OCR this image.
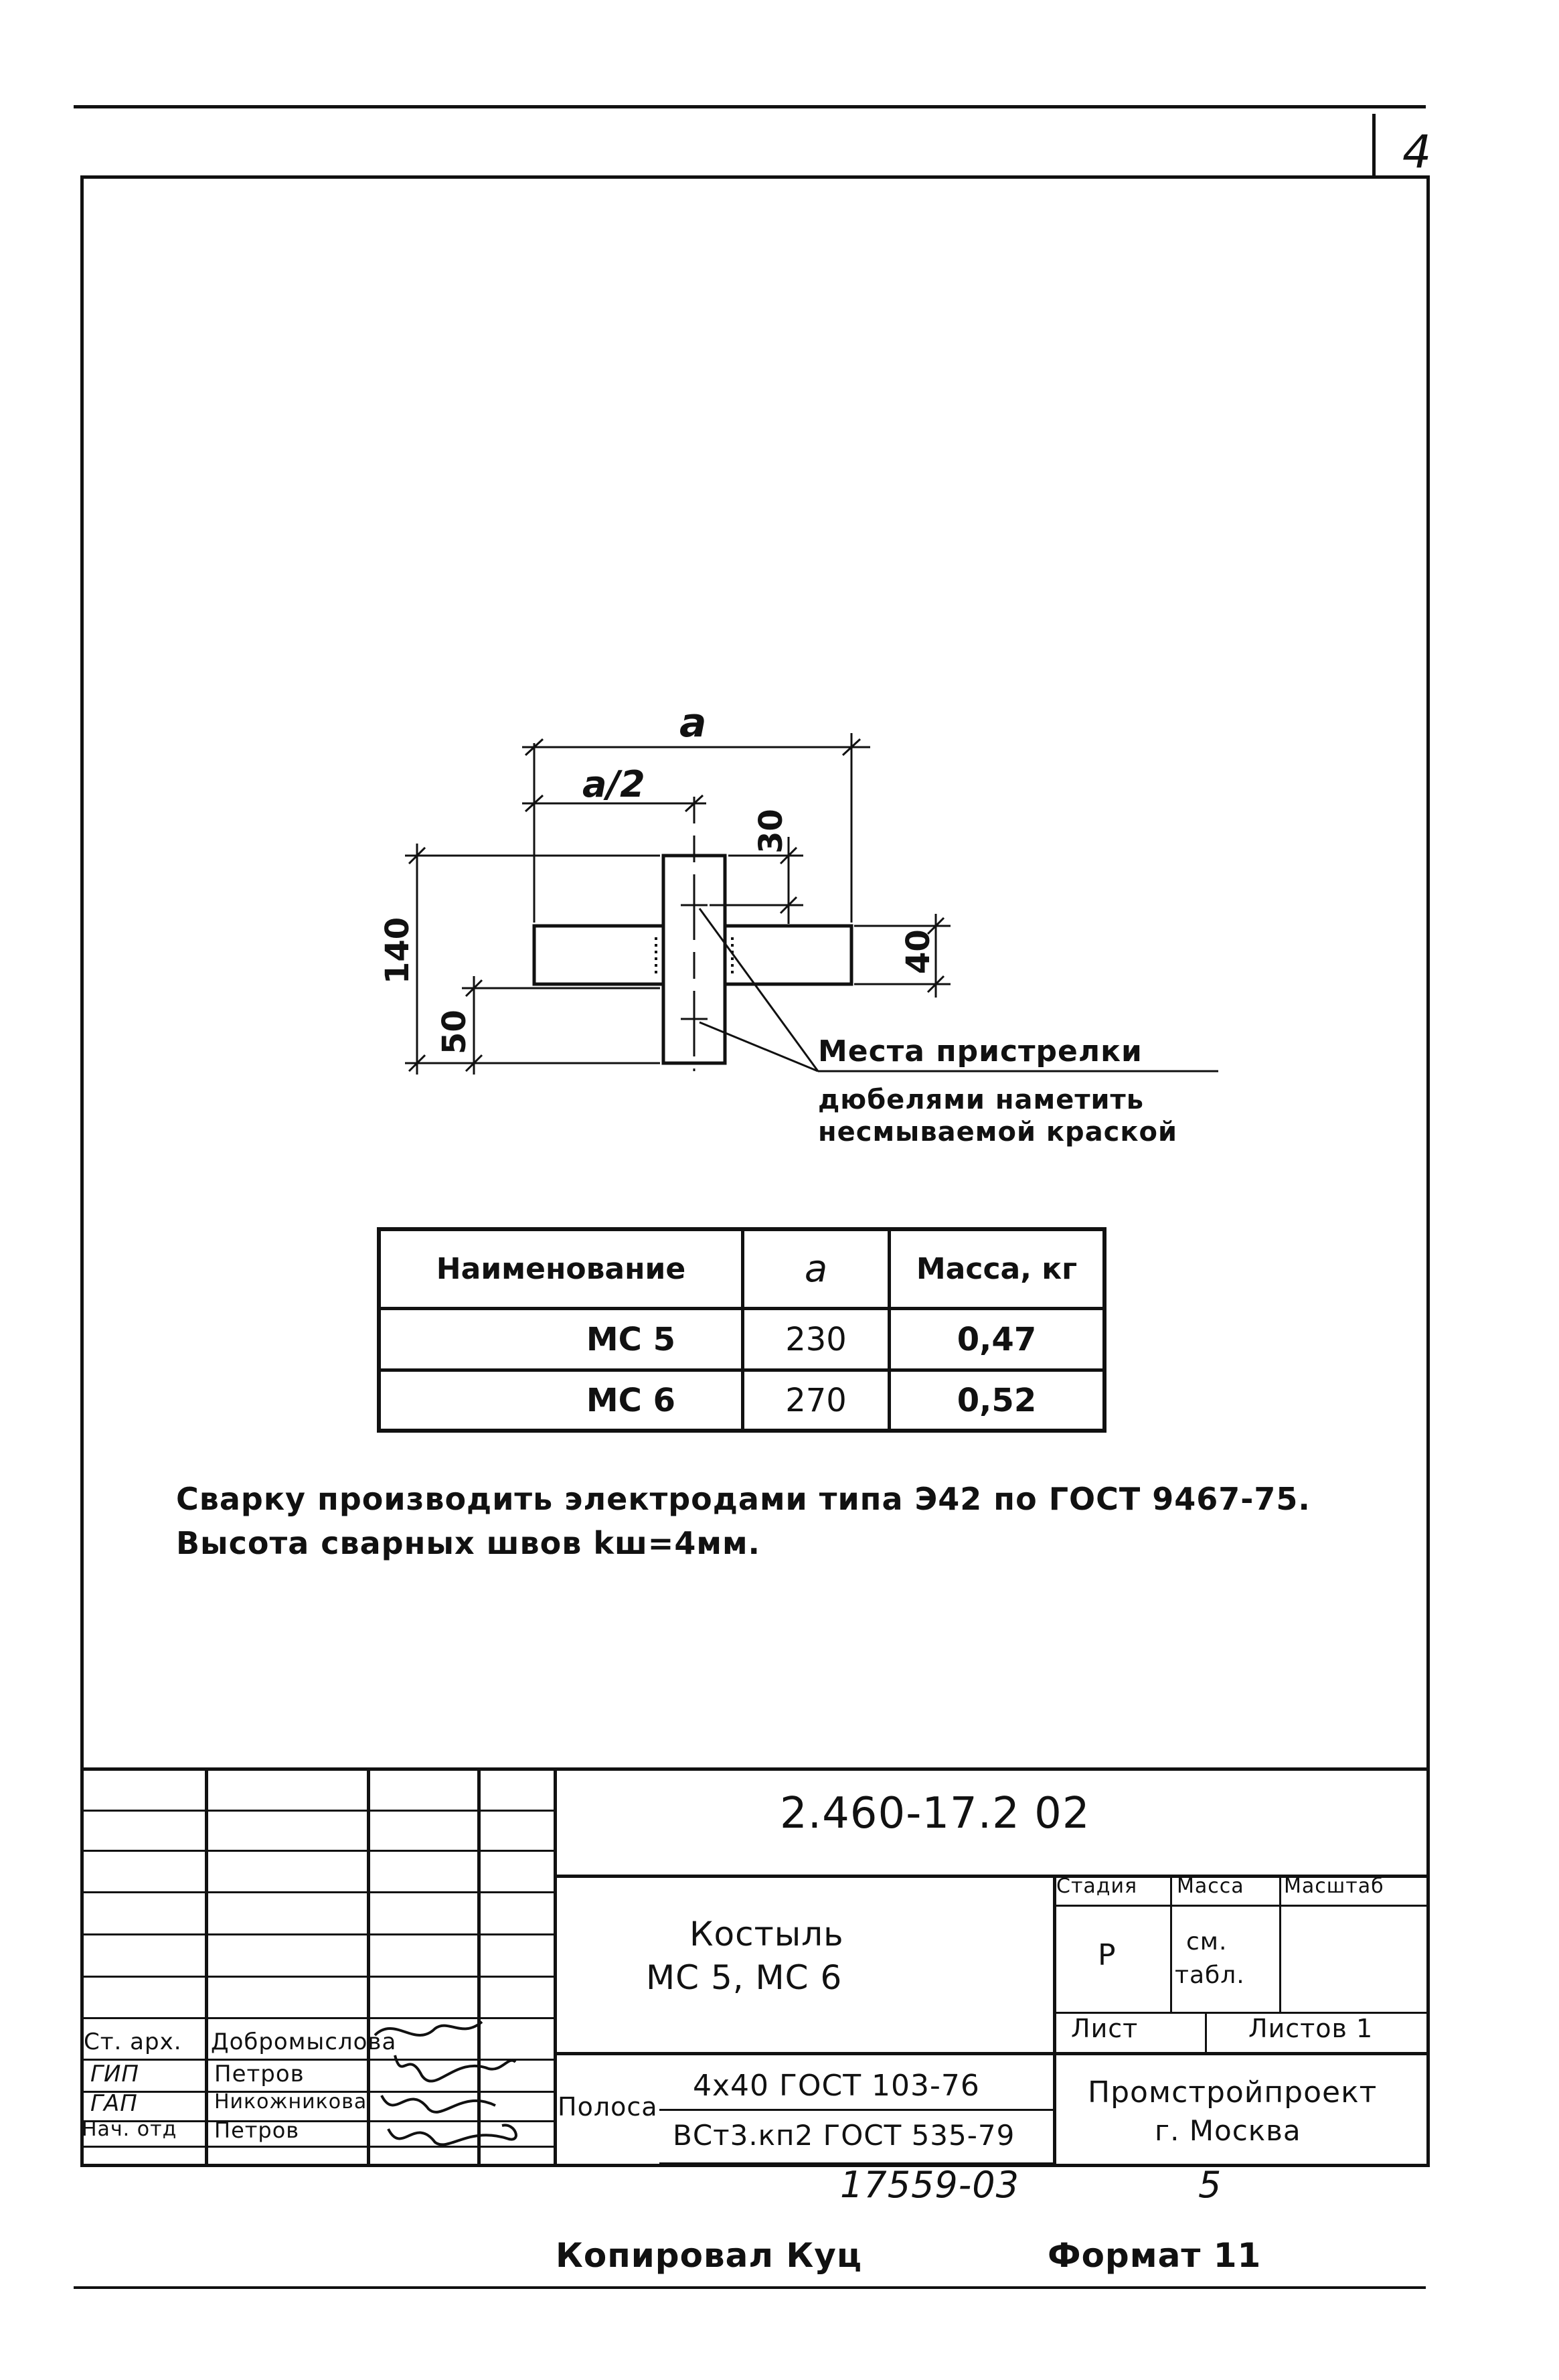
4
a
a/2
30
40
140
50	Места пристрелки
дюбелями наметить
несмываемой краской
Наименование	a	Масса, кг
МС 5	230	0,47
МС 6	270	0,52
Сварку производить электродами типа Э42 по ГОСТ 9467-75.
Высота сварных швов kш=4мм.
2.460-17.2 02
Костыль
МС 5, МС 6
Стадия Масса Масштаб
Р	см.
табл.
Лист	Листов 1
Полоса
4х40 ГОСТ 103-76
ВСт3.кп2 ГОСТ 535-79
Промстройпроект
г. Москва
Ст. арх. Добромыслова
ГИП	Петров
ГАП	Никожникова
Нач. отд Петров
17559-03	5
Копировал Куц	Формат 11
